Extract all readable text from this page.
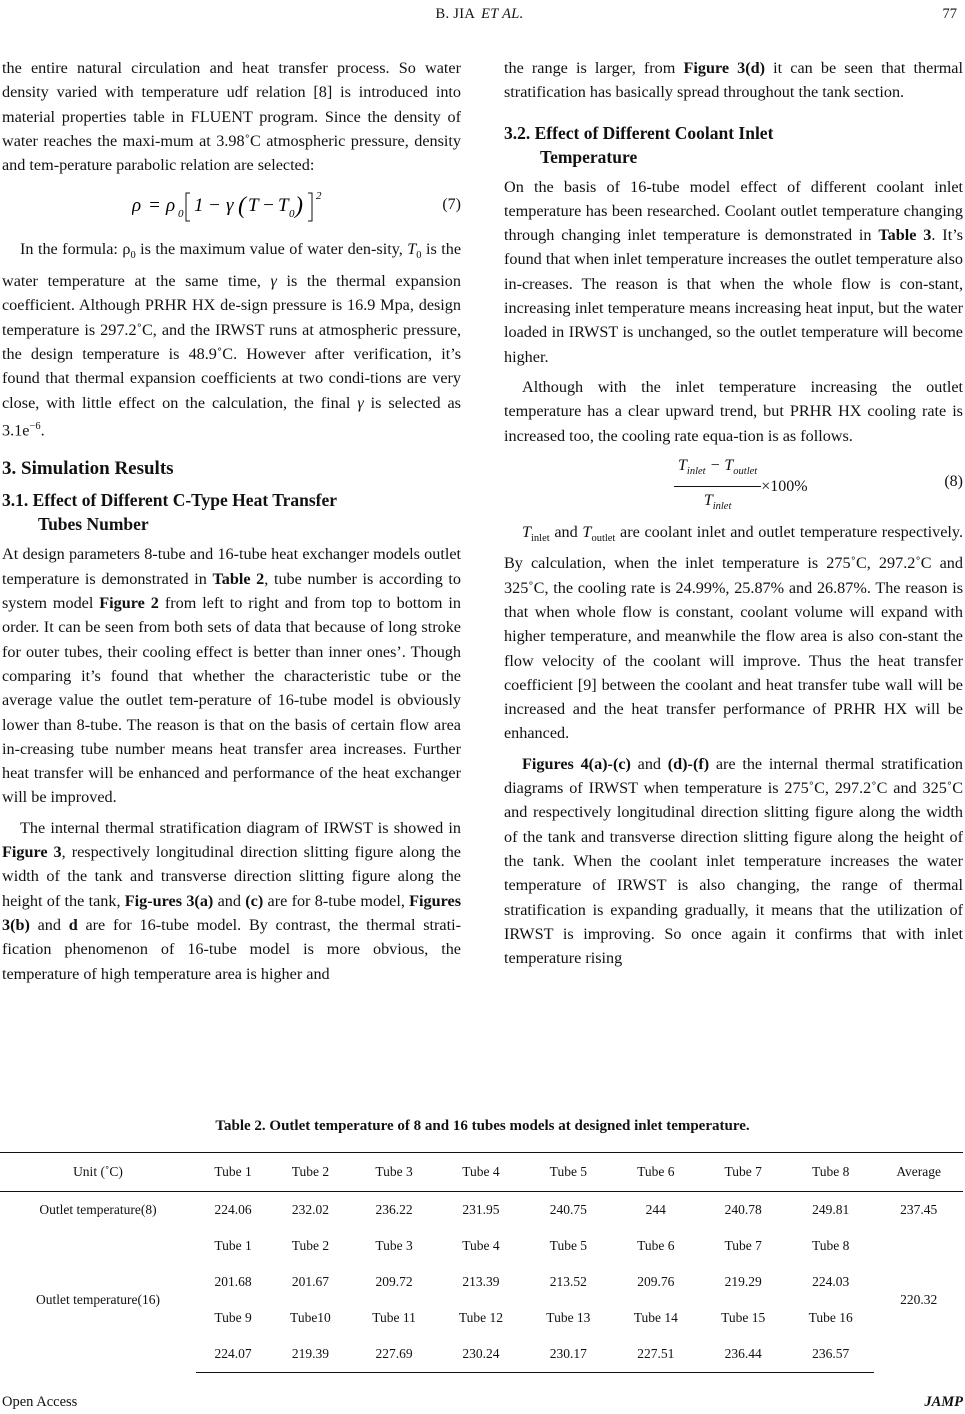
B. JIA ET AL.	77

the entire natural circulation and heat transfer process. So water density varied with temperature udf relation [8] is introduced into material properties table in FLUENT program. Since the density of water reaches the maxi-mum at 3.98˚C atmospheric pressure, density and tem-perature parabolic relation are selected:

ρ = ρ 0 1 − γ ( T − T 0 ) 2	(7)

In the formula: $\rho_0$ is the maximum value of water den-sity, $T_0$ is the water temperature at the same time, γ is the thermal expansion coefficient. Although PRHR HX de-sign pressure is 16.9 Mpa, design temperature is 297.2˚C, and the IRWST runs at atmospheric pressure, the design temperature is 48.9˚C. However after verification, it’s found that thermal expansion coefficients at two condi-tions are very close, with little effect on the calculation, the final γ is selected as $3.1e^{-6}$.

3. Simulation Results
3.1. Effect of Different C-Type Heat Transfer
Tubes Number

At design parameters 8-tube and 16-tube heat exchanger models outlet temperature is demonstrated in Table 2, tube number is according to system model Figure 2 from left to right and from top to bottom in order. It can be seen from both sets of data that because of long stroke for outer tubes, their cooling effect is better than inner ones’. Though comparing it’s found that whether the characteristic tube or the average value the outlet tem-perature of 16-tube model is obviously lower than 8-tube. The reason is that on the basis of certain flow area in-creasing tube number means heat transfer area increases. Further heat transfer will be enhanced and performance of the heat exchanger will be improved.

The internal thermal stratification diagram of IRWST is showed in Figure 3, respectively longitudinal direction slitting figure along the width of the tank and transverse direction slitting figure along the height of the tank, Fig-ures 3(a) and (c) are for 8-tube model, Figures 3(b) and d are for 16-tube model. By contrast, the thermal strati-fication phenomenon of 16-tube model is more obvious, the temperature of high temperature area is higher and

the range is larger, from Figure 3(d) it can be seen that thermal stratification has basically spread throughout the tank section.

3.2. Effect of Different Coolant Inlet
Temperature

On the basis of 16-tube model effect of different coolant inlet temperature has been researched. Coolant outlet temperature changing through changing inlet temperature is demonstrated in Table 3. It’s found that when inlet temperature increases the outlet temperature also in-creases. The reason is that when the whole flow is con-stant, increasing inlet temperature means increasing heat input, but the water loaded in IRWST is unchanged, so the outlet temperature will become higher.

Although with the inlet temperature increasing the outlet temperature has a clear upward trend, but PRHR HX cooling rate is increased too, the cooling rate equa-tion is as follows.

$\frac{T_{inlet} - T_{outlet}}{T_{inlet}} \times 100\%$	(8)

$T_{inlet}$ and $T_{outlet}$ are coolant inlet and outlet temperature respectively. By calculation, when the inlet temperature is 275˚C, 297.2˚C and 325˚C, the cooling rate is 24.99%, 25.87% and 26.87%. The reason is that when whole flow is constant, coolant volume will expand with higher temperature, and meanwhile the flow area is also con-stant the flow velocity of the coolant will improve. Thus the heat transfer coefficient [9] between the coolant and heat transfer tube wall will be increased and the heat transfer performance of PRHR HX will be enhanced.

Figures 4(a)-(c) and (d)-(f) are the internal thermal stratification diagrams of IRWST when temperature is 275˚C, 297.2˚C and 325˚C and respectively longitudinal direction slitting figure along the width of the tank and transverse direction slitting figure along the height of the tank. When the coolant inlet temperature increases the water temperature of IRWST is also changing, the range of thermal stratification is expanding gradually, it means that the utilization of IRWST is improving. So once again it confirms that with inlet temperature rising

Table 2. Outlet temperature of 8 and 16 tubes models at designed inlet temperature.
Unit (˚C)	Tube 1	Tube 2	Tube 3	Tube 4	Tube 5	Tube 6	Tube 7	Tube 8	Average
Outlet temperature(8)	224.06	232.02	236.22	231.95	240.75	244	240.78	249.81	237.45
Outlet temperature(16)	Tube 1	Tube 2	Tube 3	Tube 4	Tube 5	Tube 6	Tube 7	Tube 8	220.32
	201.68	201.67	209.72	213.39	213.52	209.76	219.29	224.03	
	Tube 9	Tube10	Tube 11	Tube 12	Tube 13	Tube 14	Tube 15	Tube 16	
	224.07	219.39	227.69	230.24	230.17	227.51	236.44	236.57	
Open Access	JAMP
